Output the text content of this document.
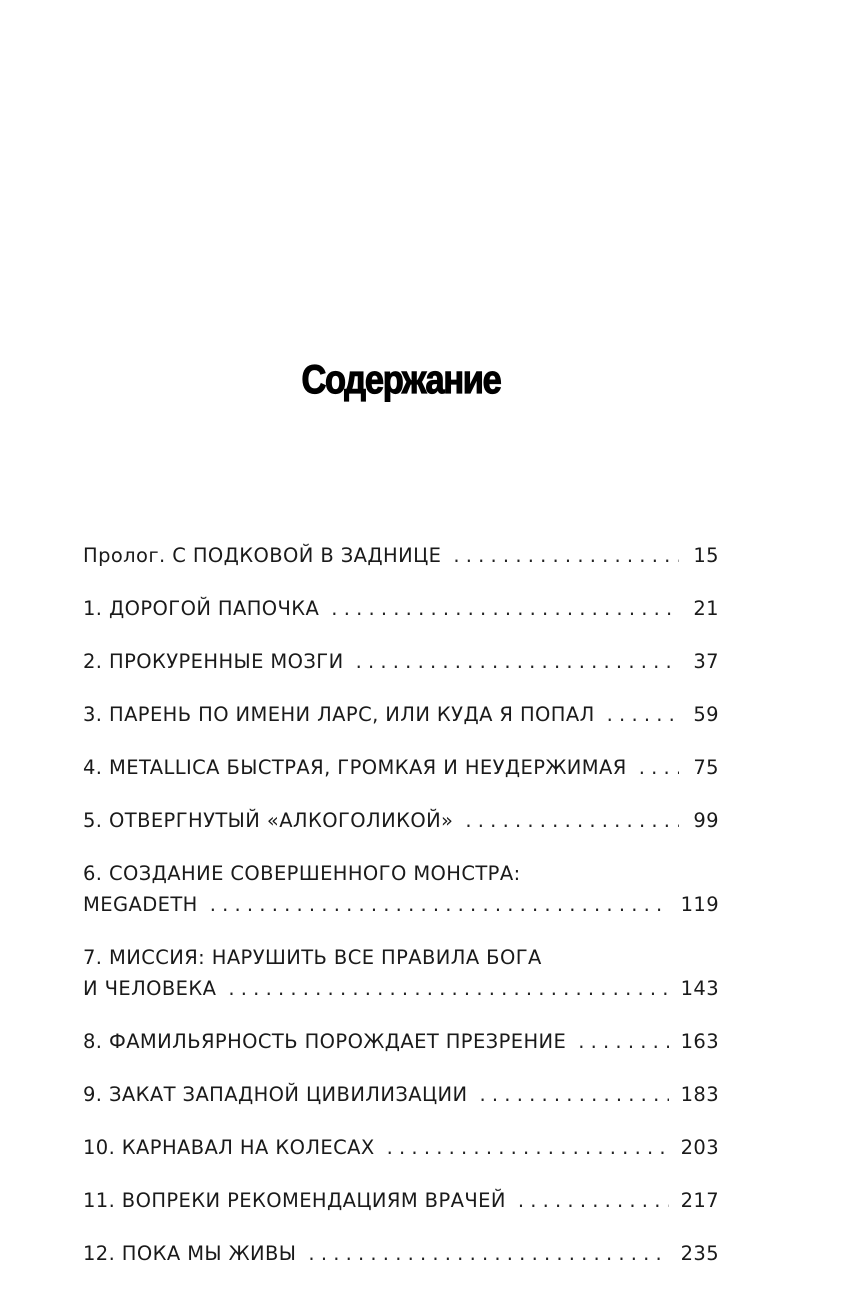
Содержание
Пролог. С ПОДКОВОЙ В ЗАДНИЦЕ . . .	15
1. ДОРОГОЙ ПАПОЧКА . . .	21
2. ПРОКУРЕННЫЕ МОЗГИ . . .	37
3. ПАРЕНЬ ПО ИМЕНИ ЛАРС, ИЛИ КУДА Я ПОПАЛ . . .	59
4. METALLICA БЫСТРАЯ, ГРОМКАЯ И НЕУДЕРЖИМАЯ . . .	75
5. ОТВЕРГНУТЫЙ «АЛКОГОЛИКОЙ» . . .	99
6. СОЗДАНИЕ СОВЕРШЕННОГО МОНСТРА:
MEGADETH . . .	119
7. МИССИЯ: НАРУШИТЬ ВСЕ ПРАВИЛА БОГА
И ЧЕЛОВЕКА . . .	143
8. ФАМИЛЬЯРНОСТЬ ПОРОЖДАЕТ ПРЕЗРЕНИЕ . . .	163
9. ЗАКАТ ЗАПАДНОЙ ЦИВИЛИЗАЦИИ . . .	183
10. КАРНАВАЛ НА КОЛЕСАХ . . .	203
11. ВОПРЕКИ РЕКОМЕНДАЦИЯМ ВРАЧЕЙ . . .	217
12. ПОКА МЫ ЖИВЫ . . .	235
